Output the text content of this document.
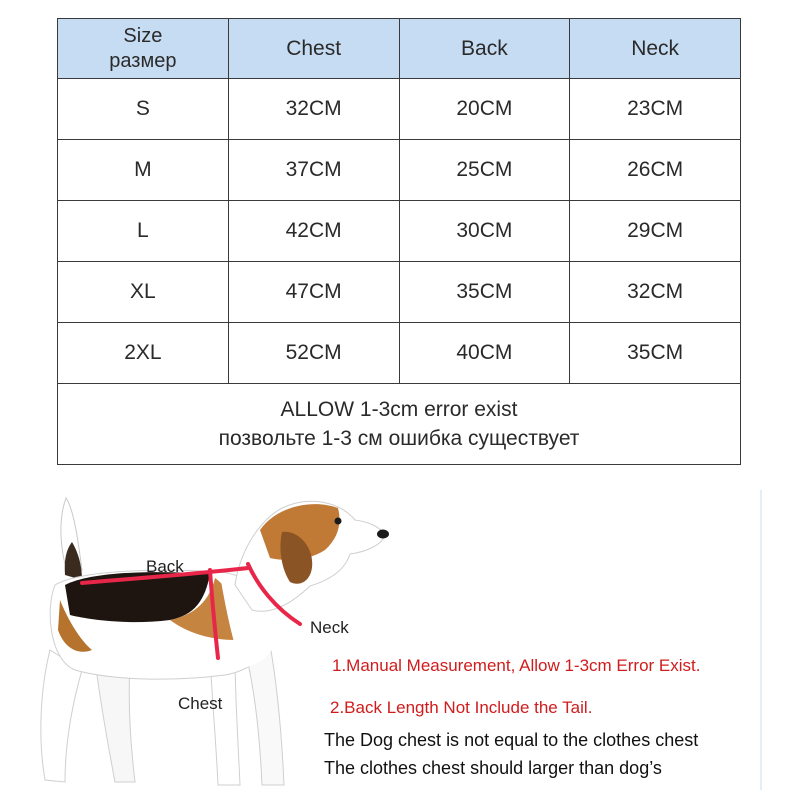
Size
размер	Chest	Back	Neck
S	32CM	20CM	23CM
M	37CM	25CM	26CM
L	42CM	30CM	29CM
XL	47CM	35CM	32CM
2XL	52CM	40CM	35CM

ALLOW 1-3cm error exist
позвольте 1-3 см ошибка существует			
Back
Neck
Chest
1.Manual Measurement, Allow 1-3cm Error Exist.
2.Back Length Not Include the Tail.
The Dog chest is not equal to the clothes chest
The clothes chest should larger than dog’s
